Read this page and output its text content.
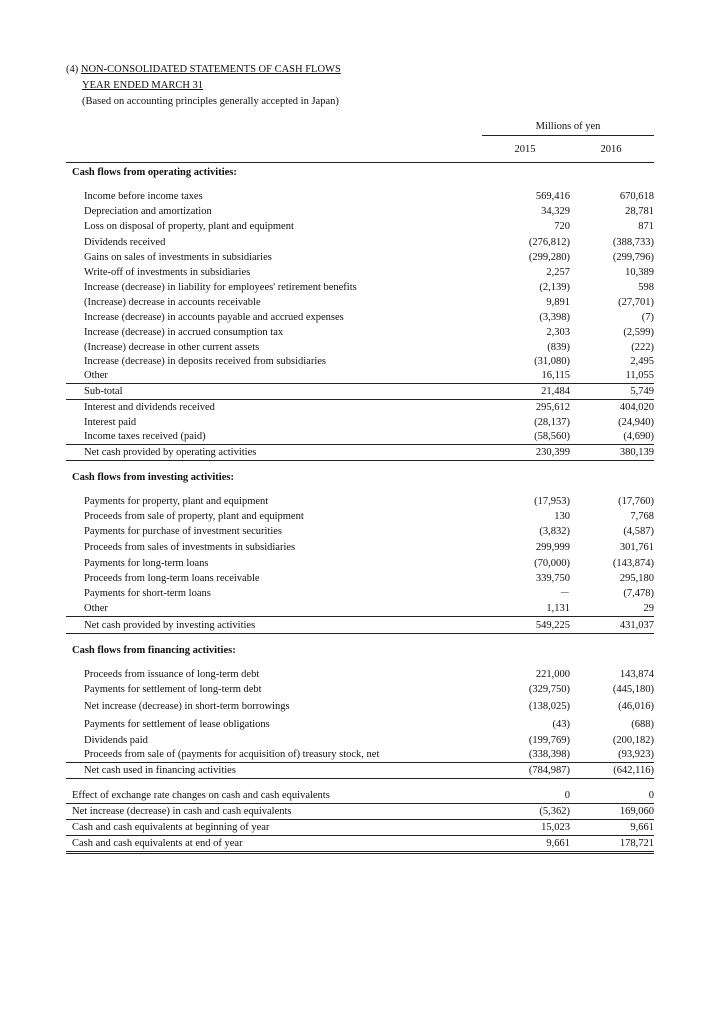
(4) NON-CONSOLIDATED STATEMENTS OF CASH FLOWS
YEAR ENDED MARCH 31
(Based on accounting principles generally accepted in Japan)
Millions of yen
2015	2016
Cash flows from operating activities:
Income before income taxes	569,416	670,618
Depreciation and amortization	34,329	28,781
Loss on disposal of property, plant and equipment	720	871
Dividends received	(276,812)	(388,733)
Gains on sales of investments in subsidiaries	(299,280)	(299,796)
Write-off of investments in subsidiaries	2,257	10,389
Increase (decrease) in liability for employees' retirement benefits	(2,139)	598
(Increase) decrease in accounts receivable	9,891	(27,701)
Increase (decrease) in accounts payable and accrued expenses	(3,398)	(7)
Increase (decrease) in accrued consumption tax	2,303	(2,599)
(Increase) decrease in other current assets	(839)	(222)
Increase (decrease) in deposits received from subsidiaries	(31,080)	2,495
Other	16,115	11,055
Sub-total	21,484	5,749
Interest and dividends received	295,612	404,020
Interest paid	(28,137)	(24,940)
Income taxes received (paid)	(58,560)	(4,690)
Net cash provided by operating activities	230,399	380,139
Cash flows from investing activities:
Payments for property, plant and equipment	(17,953)	(17,760)
Proceeds from sale of property, plant and equipment	130	7,768
Payments for purchase of investment securities	(3,832)	(4,587)
Proceeds from sales of investments in subsidiaries	299,999	301,761
Payments for long-term loans	(70,000)	(143,874)
Proceeds from long-term loans receivable	339,750	295,180
Payments for short-term loans	－	(7,478)
Other	1,131	29
Net cash provided by investing activities	549,225	431,037
Cash flows from financing activities:
Proceeds from issuance of long-term debt	221,000	143,874
Payments for settlement of long-term debt	(329,750)	(445,180)
Net increase (decrease) in short-term borrowings	(138,025)	(46,016)
Payments for settlement of lease obligations	(43)	(688)
Dividends paid	(199,769)	(200,182)
Proceeds from sale of (payments for acquisition of) treasury stock, net	(338,398)	(93,923)
Net cash used in financing activities	(784,987)	(642,116)
Effect of exchange rate changes on cash and cash equivalents	0	0
Net increase (decrease) in cash and cash equivalents	(5,362)	169,060
Cash and cash equivalents at beginning of year	15,023	9,661
Cash and cash equivalents at end of year	9,661	178,721
